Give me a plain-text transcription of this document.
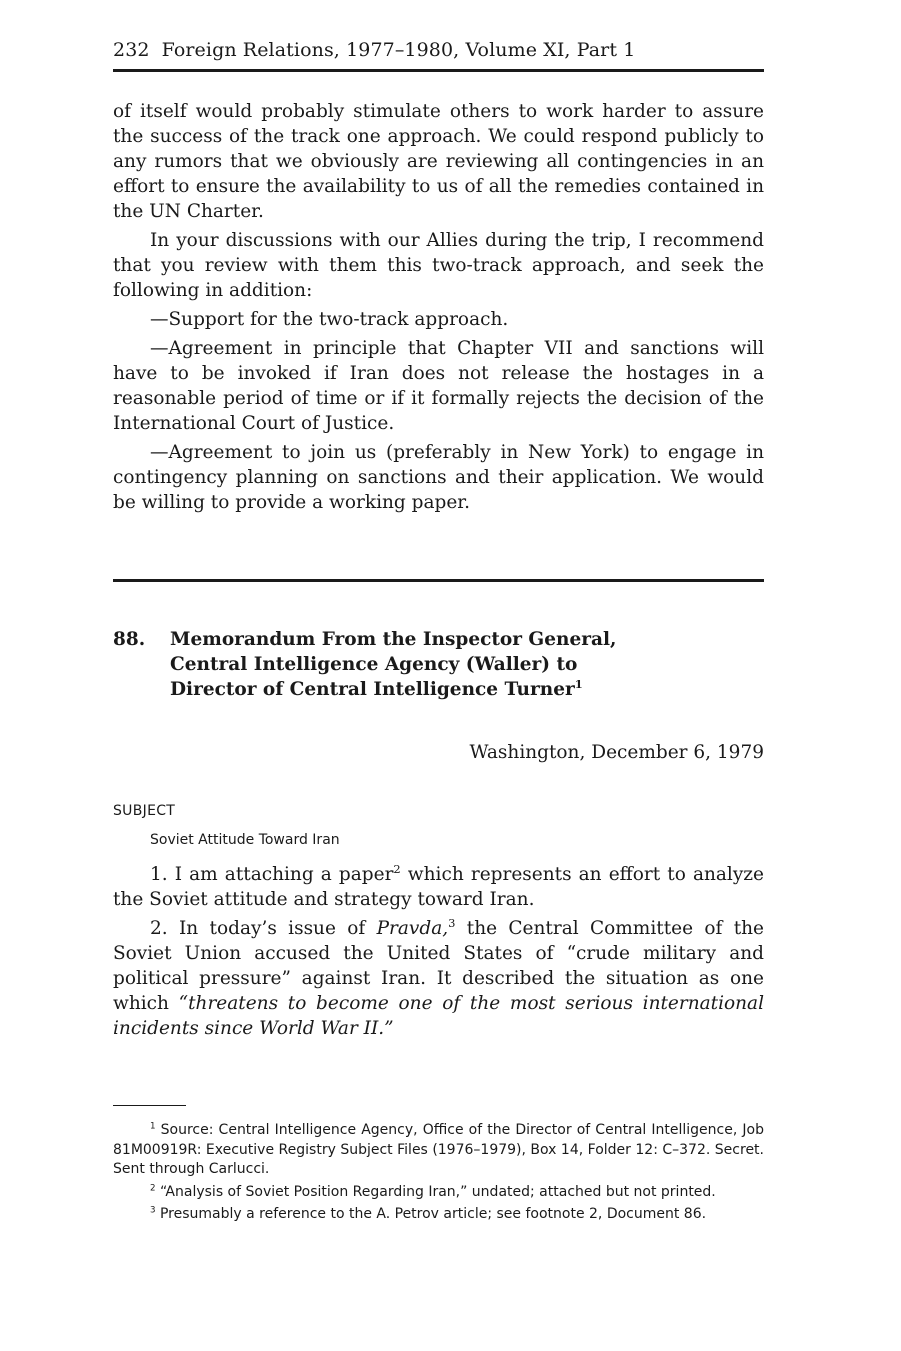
232 Foreign Relations, 1977–1980, Volume XI, Part 1

of itself would probably stimulate others to work harder to assure the success of the track one approach. We could respond publicly to any rumors that we obviously are reviewing all contingencies in an effort to ensure the availability to us of all the remedies contained in the UN Charter.

In your discussions with our Allies during the trip, I recommend that you review with them this two-track approach, and seek the following in addition:

—Support for the two-track approach.

—Agreement in principle that Chapter VII and sanctions will have to be invoked if Iran does not release the hostages in a reasonable period of time or if it formally rejects the decision of the International Court of Justice.

—Agreement to join us (preferably in New York) to engage in contingency planning on sanctions and their application. We would be willing to provide a working paper.

88.	Memorandum From the Inspector General, Central Intelligence Agency (Waller) to Director of Central Intelligence Turner$^1$
Washington, December 6, 1979
SUBJECT
Soviet Attitude Toward Iran

1. I am attaching a paper$^2$ which represents an effort to analyze the Soviet attitude and strategy toward Iran.

2. In today’s issue of Pravda,$^3$ the Central Committee of the Soviet Union accused the United States of “crude military and political pressure” against Iran. It described the situation as one which “threatens to become one of the most serious international incidents since World War II.”

$^1$ Source: Central Intelligence Agency, Office of the Director of Central Intelligence, Job 81M00919R: Executive Registry Subject Files (1976–1979), Box 14, Folder 12: C–372. Secret. Sent through Carlucci.

$^2$ “Analysis of Soviet Position Regarding Iran,” undated; attached but not printed.

$^3$ Presumably a reference to the A. Petrov article; see footnote 2, Document 86.
